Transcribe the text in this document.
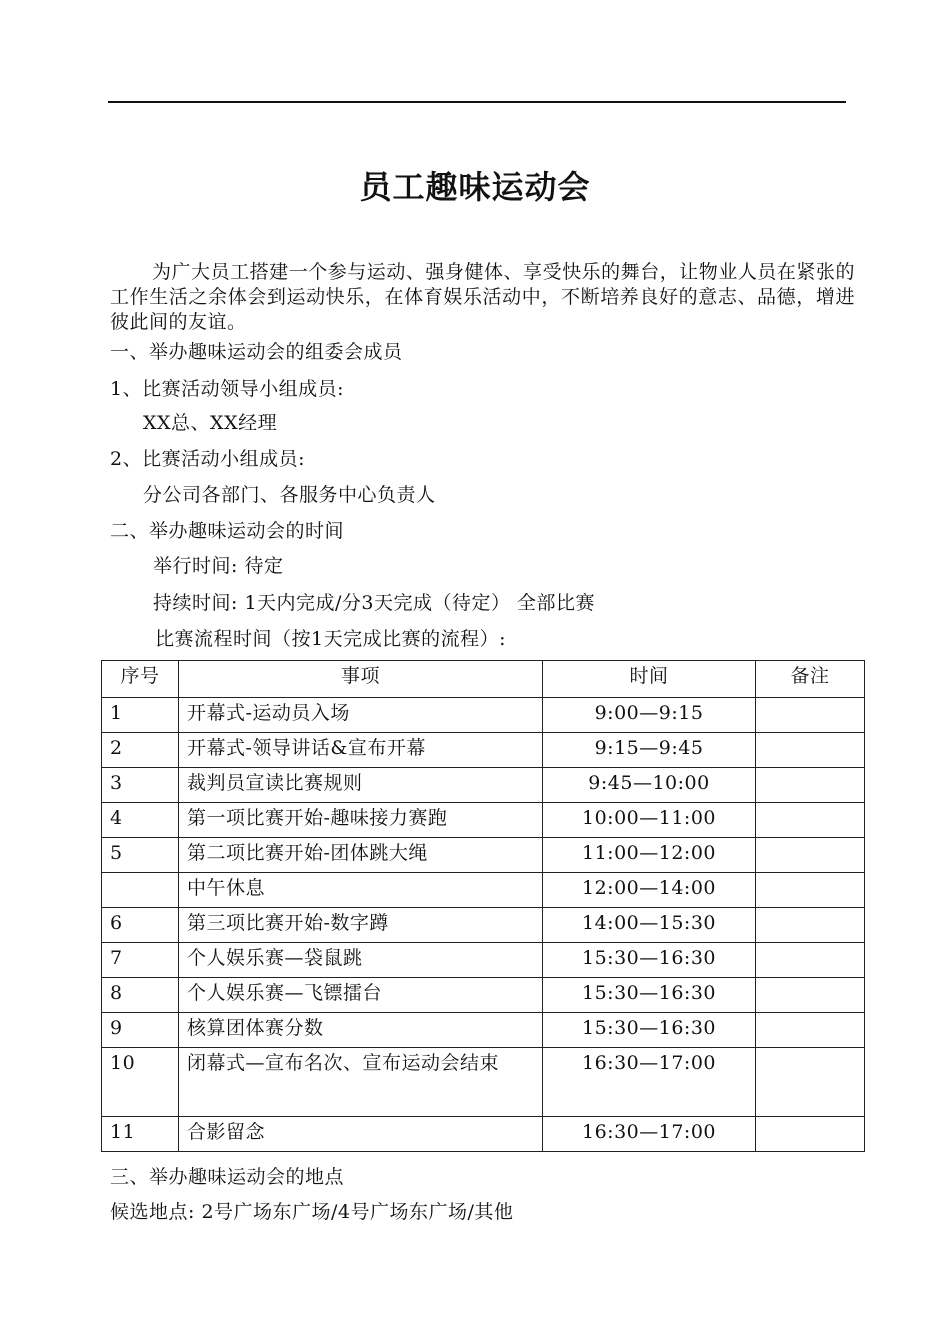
员工趣味运动会
为广大员工搭建一个参与运动、强身健体、享受快乐的舞台，让物业人员在紧张的工作生活之余体会到运动快乐，在体育娱乐活动中，不断培养良好的意志、品德，增进彼此间的友谊。
一、举办趣味运动会的组委会成员
1、比赛活动领导小组成员:
XX总、XX经理
2、比赛活动小组成员:
分公司各部门、各服务中心负责人
二、举办趣味运动会的时间
举行时间: 待定
持续时间: 1天内完成/分3天完成（待定） 全部比赛
比赛流程时间（按1天完成比赛的流程）:
序号	事项	时间	备注
1	开幕式-运动员入场	9:00—9:15	
2	开幕式-领导讲话&宣布开幕	9:15—9:45	
3	裁判员宣读比赛规则	9:45—10:00	
4	第一项比赛开始-趣味接力赛跑	10:00—11:00	
5	第二项比赛开始-团体跳大绳	11:00—12:00	
	中午休息	12:00—14:00	
6	第三项比赛开始-数字蹲	14:00—15:30	
7	个人娱乐赛—袋鼠跳	15:30—16:30	
8	个人娱乐赛—飞镖擂台	15:30—16:30	
9	核算团体赛分数	15:30—16:30	
10	闭幕式—宣布名次、宣布运动会结束	16:30—17:00	
11	合影留念	16:30—17:00	
三、举办趣味运动会的地点
候选地点: 2号广场东广场/4号广场东广场/其他
